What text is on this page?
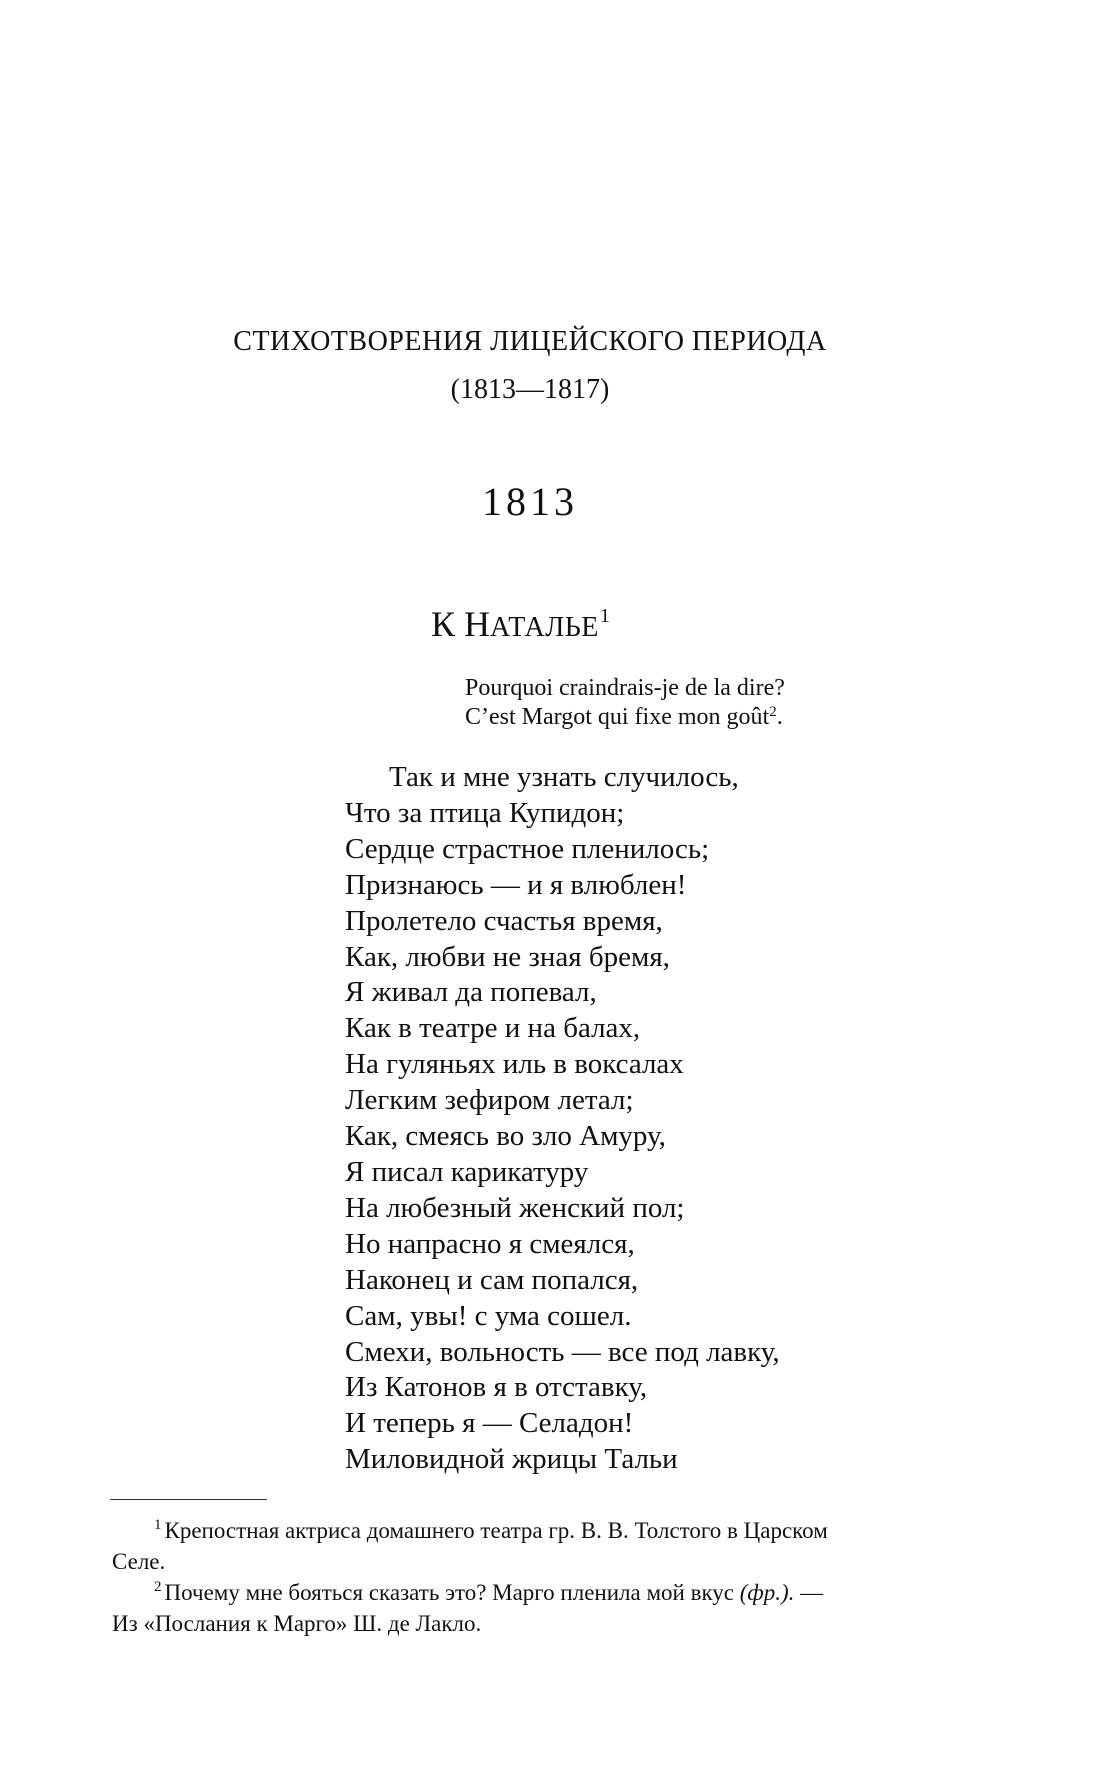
СТИХОТВОРЕНИЯ ЛИЦЕЙСКОГО ПЕРИОДА
(1813—1817)
1813
К НАТАЛЬЕ$^1$
Pourquoi craindrais-je de la dire?
C’est Margot qui fixe mon goût$^2$.
Так и мне узнать случилось,
Что за птица Купидон;
Сердце страстное пленилось;
Признаюсь — и я влюблен!
Пролетело счастья время,
Как, любви не зная бремя,
Я живал да попевал,
Как в театре и на балах,
На гуляньях иль в воксалах
Легким зефиром летал;
Как, смеясь во зло Амуру,
Я писал карикатуру
На любезный женский пол;
Но напрасно я смеялся,
Наконец и сам попался,
Сам, увы! с ума сошел.
Смехи, вольность — все под лавку,
Из Катонов я в отставку,
И теперь я — Селадон!
Миловидной жрицы Тальи
$^1$ Крепостная актриса домашнего театра гр. В. В. Толстого в Царском
Селе.
$^2$ Почему мне бояться сказать это? Марго пленила мой вкус (фр.). —
Из «Послания к Марго» Ш. де Лакло.
